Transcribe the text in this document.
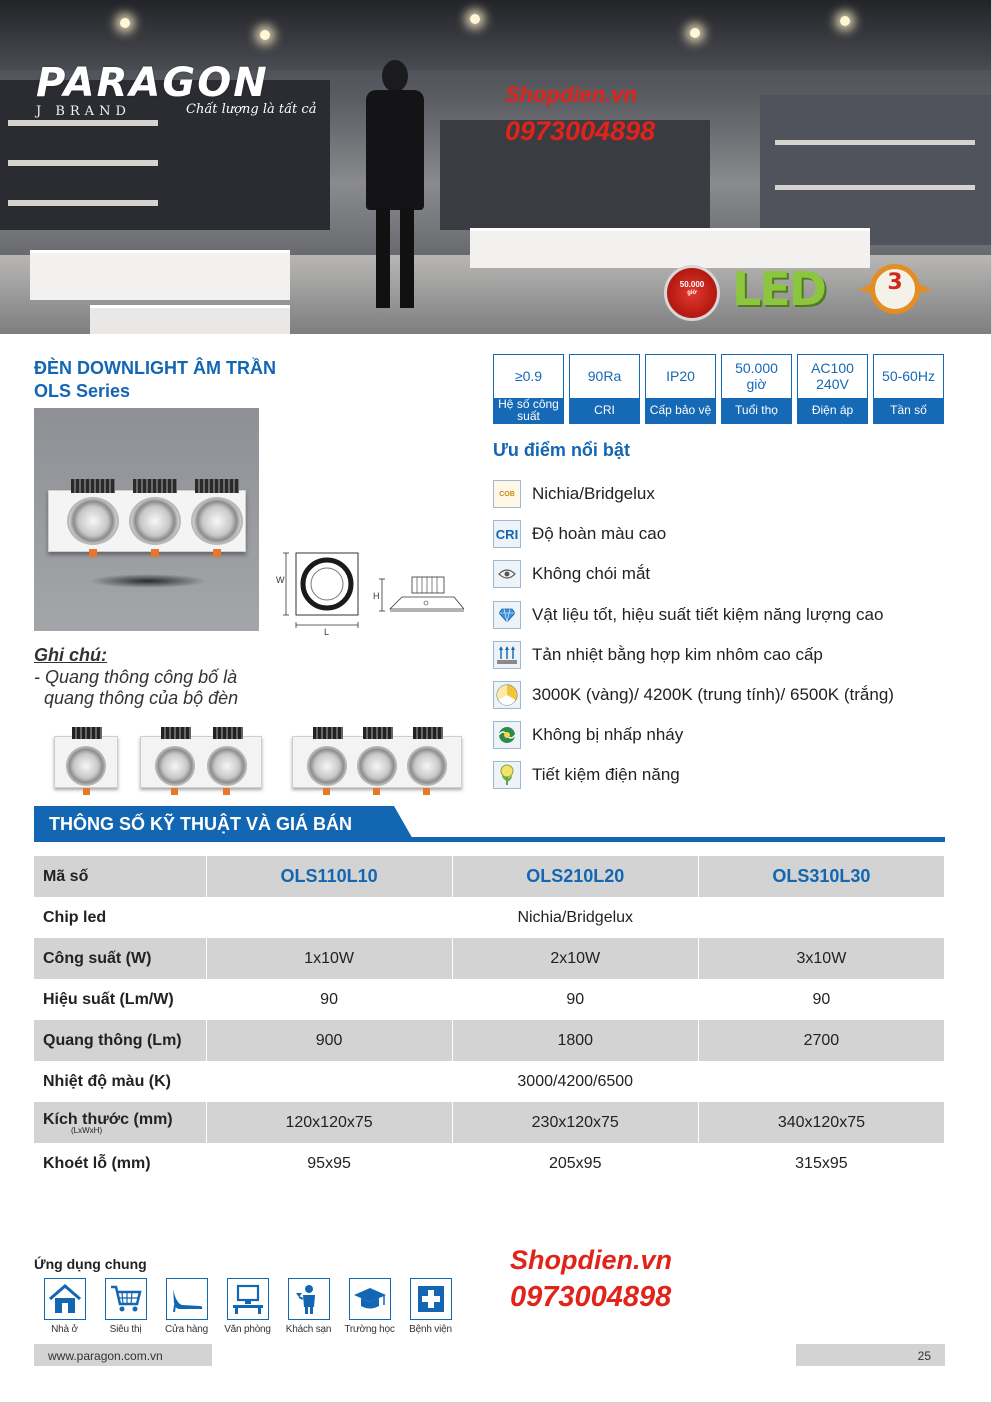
PARAGON
J BRAND	Chất lượng là tất cả
Shopdien.vn
0973004898
50.000
giờ LED	3
ĐÈN DOWNLIGHT ÂM TRẦN
OLS Series
W
L
H
Ghi chú:
- Quang thông công bố là
quang thông của bộ đèn
≥0.9
Hệ số công suất
90Ra
CRI
IP20
Cấp bảo vệ
50.000 giờ
Tuổi thọ
AC100 240V
Điện áp
50-60Hz
Tần số
Ưu điểm nổi bật
COB	Nichia/Bridgelux
CRI Độ hoàn màu cao
Không chói mắt
Vật liệu tốt, hiệu suất tiết kiệm năng lượng cao
Tản nhiệt bằng hợp kim nhôm cao cấp
3000K (vàng)/ 4200K (trung tính)/ 6500K (trắng)
Không bị nhấp nháy
Tiết kiệm điện năng
THÔNG SỐ KỸ THUẬT VÀ GIÁ BÁN
Mã số	OLS110L10	OLS210L20	OLS310L30
Chip led	Nichia/Bridgelux		
Công suất (W)	1x10W	2x10W	3x10W
Hiệu suất (Lm/W)	90	90	90
Quang thông (Lm)	900	1800	2700
Nhiệt độ màu (K)	3000/4200/6500		
Kích thước (mm)
(LxWxH)	120x120x75	230x120x75	340x120x75
Khoét lỗ (mm)	95x95	205x95	315x95
Ứng dụng chung
Nhà ở	Siêu thị	Cửa hàng	Văn phòng	Khách sạn	Trường học	Bệnh viện
Shopdien.vn
0973004898
www.paragon.com.vn	25
